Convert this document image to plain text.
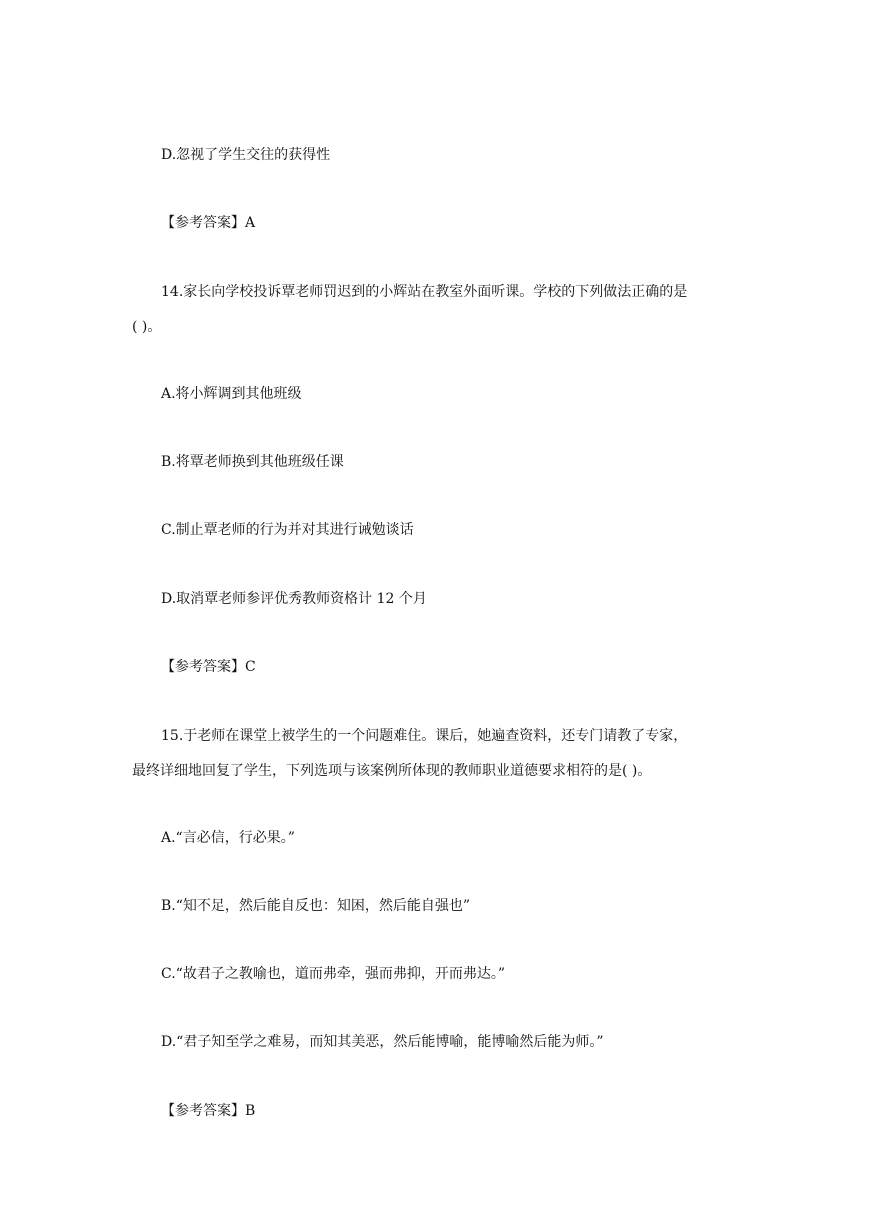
D.忽视了学生交往的获得性

【参考答案】A

14.家长向学校投诉覃老师罚迟到的小辉站在教室外面听课。学校的下列做法正确的是

( )。

A.将小辉调到其他班级

B.将覃老师换到其他班级任课

C.制止覃老师的行为并对其进行诫勉谈话

D.取消覃老师参评优秀教师资格计 12 个月

【参考答案】C

15.于老师在课堂上被学生的一个问题难住。课后，她遍查资料，还专门请教了专家，

最终详细地回复了学生，下列选项与该案例所体现的教师职业道德要求相符的是( )。

A.“言必信，行必果。”

B.“知不足，然后能自反也：知困，然后能自强也”

C.“故君子之教喻也，道而弗牵，强而弗抑，开而弗达。”

D.“君子知至学之难易，而知其美恶，然后能博喻，能博喻然后能为师。”

【参考答案】B
